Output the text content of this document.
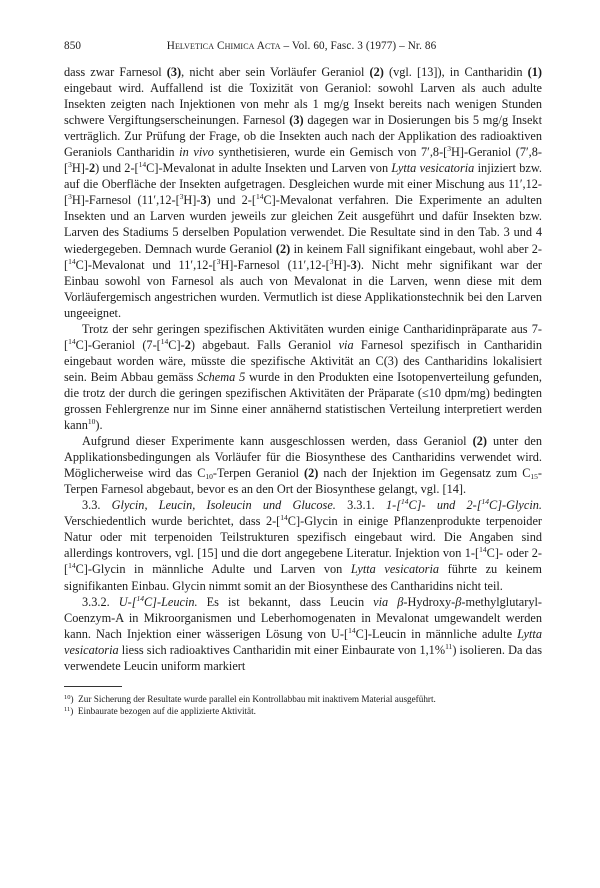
850	Helvetica Chimica Acta – Vol. 60, Fasc. 3 (1977) – Nr. 86

dass zwar Farnesol (3), nicht aber sein Vorläufer Geraniol (2) (vgl. [13]), in Cantharidin (1) eingebaut wird. Auffallend ist die Toxizität von Geraniol: sowohl Larven als auch adulte Insekten zeigten nach Injektionen von mehr als 1 mg/g Insekt bereits nach wenigen Stunden schwere Vergiftungserscheinungen. Farnesol (3) dagegen war in Dosierungen bis 5 mg/g Insekt verträglich. Zur Prüfung der Frage, ob die Insekten auch nach der Applikation des radioaktiven Geraniols Cantharidin in vivo synthetisieren, wurde ein Gemisch von 7′,8-[$^3$H]-Geraniol (7′,8-[$^3$H]-2) und 2-[$^{14}$C]-Mevalonat in adulte Insekten und Larven von Lytta vesicatoria injiziert bzw. auf die Oberfläche der Insekten aufgetragen. Desgleichen wurde mit einer Mischung aus 11′,12-[$^3$H]-Farnesol (11′,12-[$^3$H]-3) und 2-[$^{14}$C]-Mevalonat verfahren. Die Experimente an adulten Insekten und an Larven wurden jeweils zur gleichen Zeit ausgeführt und dafür Insekten bzw. Larven des Stadiums 5 derselben Population verwendet. Die Resultate sind in den Tab. 3 und 4 wiedergegeben. Demnach wurde Geraniol (2) in keinem Fall signifikant eingebaut, wohl aber 2-[$^{14}$C]-Mevalonat und 11′,12-[$^3$H]-Farnesol (11′,12-[$^3$H]-3). Nicht mehr signifikant war der Einbau sowohl von Farnesol als auch von Mevalonat in die Larven, wenn diese mit dem Vorläufergemisch angestrichen wurden. Vermutlich ist diese Applikationstechnik bei den Larven ungeeignet.

Trotz der sehr geringen spezifischen Aktivitäten wurden einige Cantharidinpräparate aus 7-[$^{14}$C]-Geraniol (7-[$^{14}$C]-2) abgebaut. Falls Geraniol via Farnesol spezifisch in Cantharidin eingebaut worden wäre, müsste die spezifische Aktivität an C(3) des Cantharidins lokalisiert sein. Beim Abbau gemäss Schema 5 wurde in den Produkten eine Isotopenverteilung gefunden, die trotz der durch die geringen spezifischen Aktivitäten der Präparate (≤10 dpm/mg) bedingten grossen Fehlergrenze nur im Sinne einer annähernd statistischen Verteilung interpretiert werden kann$^{10}$).

Aufgrund dieser Experimente kann ausgeschlossen werden, dass Geraniol (2) unter den Applikationsbedingungen als Vorläufer für die Biosynthese des Cantharidins verwendet wird. Möglicherweise wird das $C_{10}$-Terpen Geraniol (2) nach der Injektion im Gegensatz zum $C_{15}$-Terpen Farnesol abgebaut, bevor es an den Ort der Biosynthese gelangt, vgl. [14].

3.3. Glycin, Leucin, Isoleucin und Glucose. 3.3.1. 1-[$^{14}$C]- und 2-[$^{14}$C]-Glycin. Verschiedentlich wurde berichtet, dass 2-[$^{14}$C]-Glycin in einige Pflanzenprodukte terpenoider Natur oder mit terpenoiden Teilstrukturen spezifisch eingebaut wird. Die Angaben sind allerdings kontrovers, vgl. [15] und die dort angegebene Literatur. Injektion von 1-[$^{14}$C]- oder 2-[$^{14}$C]-Glycin in männliche Adulte und Larven von Lytta vesicatoria führte zu keinem signifikanten Einbau. Glycin nimmt somit an der Biosynthese des Cantharidins nicht teil.

3.3.2. U-[$^{14}$C]-Leucin. Es ist bekannt, dass Leucin via β-Hydroxy-β-methylglutaryl-Coenzym-A in Mikroorganismen und Leberhomogenaten in Mevalonat umgewandelt werden kann. Nach Injektion einer wässerigen Lösung von U-[$^{14}$C]-Leucin in männliche adulte Lytta vesicatoria liess sich radioaktives Cantharidin mit einer Einbaurate von 1,1%$^{11}$) isolieren. Da das verwendete Leucin uniform markiert

$^{10}$)  Zur Sicherung der Resultate wurde parallel ein Kontrollabbau mit inaktivem Material ausgeführt.

$^{11}$)  Einbaurate bezogen auf die applizierte Aktivität.
